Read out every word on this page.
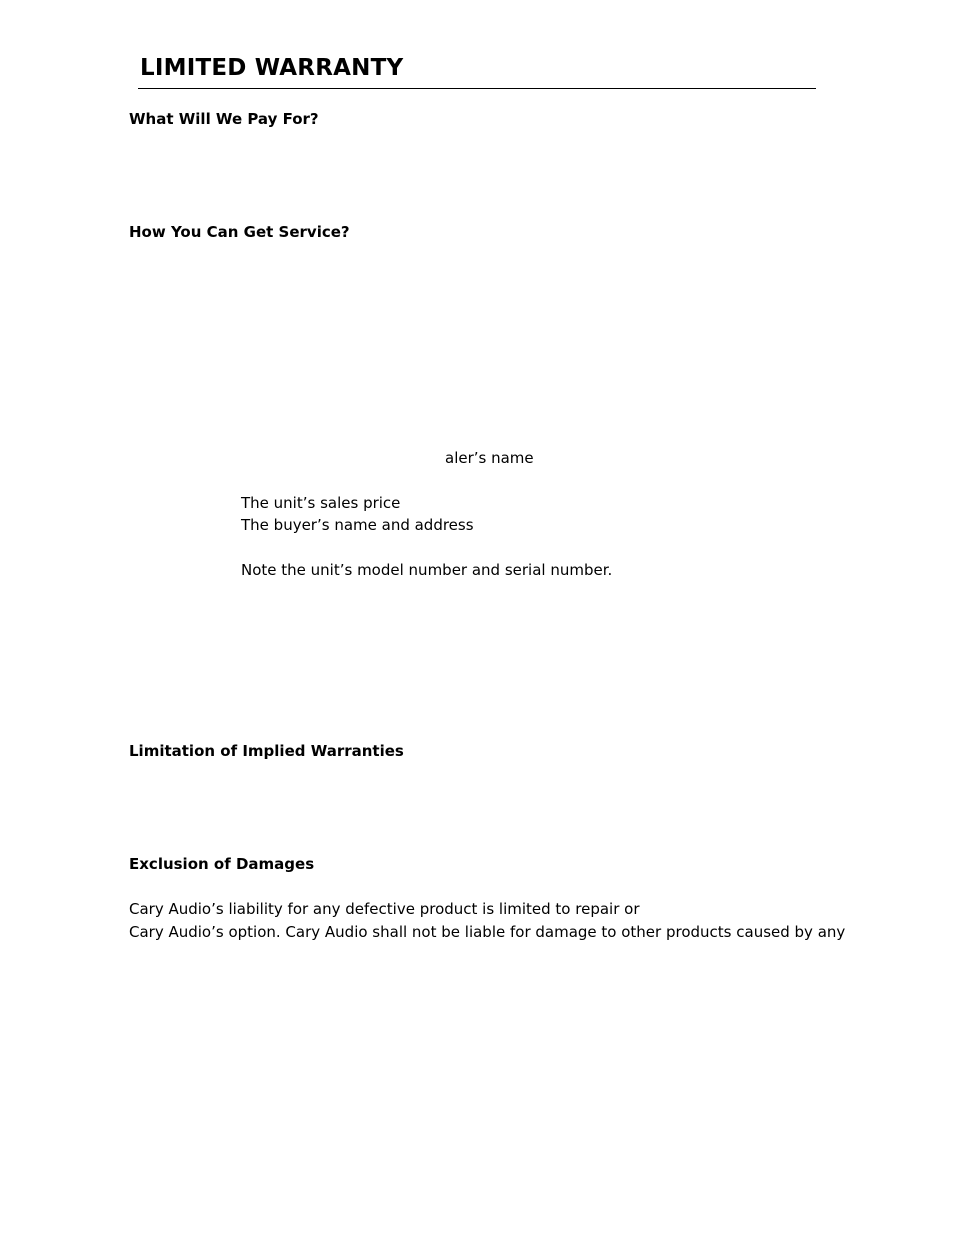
LIMITED WARRANTY
What Will We Pay For?
How You Can Get Service?
aler’s name
The unit’s sales price
The buyer’s name and address
Note the unit’s model number and serial number.
Limitation of Implied Warranties
Exclusion of Damages
Cary Audio’s liability for any defective product is limited to repair or
Cary Audio’s option. Cary Audio shall not be liable for damage to other products caused by any
